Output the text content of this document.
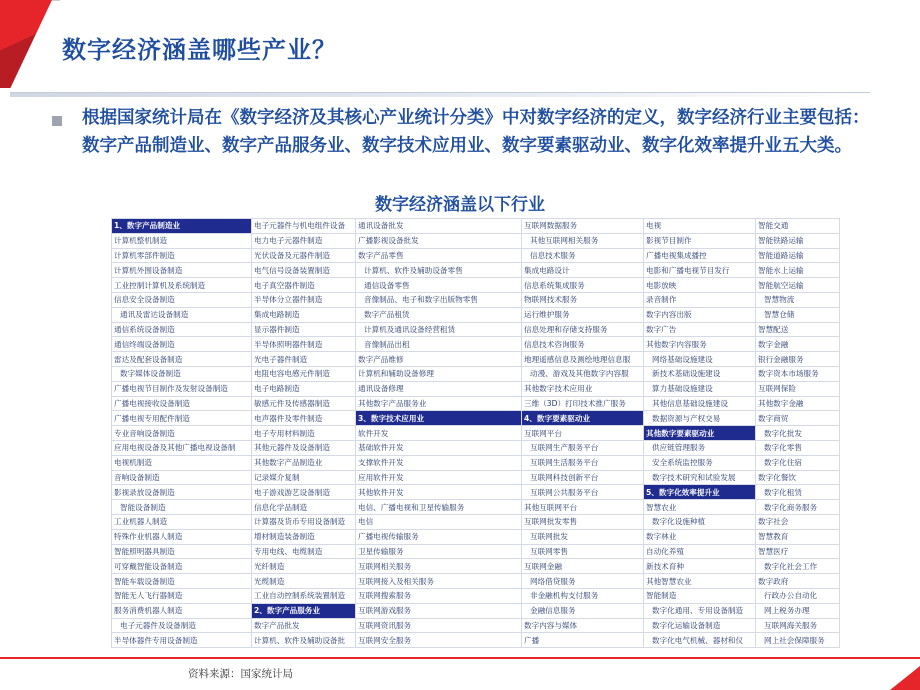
数字经济涵盖哪些产业？

根据国家统计局在《数字经济及其核心产业统计分类》中对数字经济的定义，数字经济行业主要包括：数字产品制造业、数字产品服务业、数字技术应用业、数字要素驱动业、数字化效率提升业五大类。

数字经济涵盖以下行业

1、数字产品制造业	电子元器件与机电组件设备	通讯设备批发	互联网数据服务	电视	智能交通
计算机整机制造	电力电子元器件制造	广播影视设备批发	其他互联网相关服务	影视节目制作	智能铁路运输
计算机零部件制造	光伏设备及元器件制造	数字产品零售	信息技术服务	广播电视集成播控	智能道路运输
计算机外围设备制造	电气信号设备装置制造	计算机、软件及辅助设备零售	集成电路设计	电影和广播电视节目发行	智能水上运输
工业控制计算机及系统制造	电子真空器件制造	通信设备零售	信息系统集成服务	电影放映	智能航空运输
信息安全设备制造	半导体分立器件制造	音像制品、电子和数字出版物零售	物联网技术服务	录音制作	智慧物流
通讯及雷达设备制造	集成电路制造	数字产品租赁	运行维护服务	数字内容出版	智慧仓储
通信系统设备制造	显示器件制造	计算机及通讯设备经营租赁	信息处理和存储支持服务	数字广告	智慧配送
通信终端设备制造	半导体照明器件制造	音像制品出租	信息技术咨询服务	其他数字内容服务	数字金融
雷达及配套设备制造	光电子器件制造	数字产品维修	地理遥感信息及测绘地理信息服	网络基础设施建设	银行金融服务
数字媒体设备制造	电阻电容电感元件制造	计算机和辅助设备修理	动漫、游戏及其他数字内容服	新技术基础设施建设	数字资本市场服务
广播电视节目制作及发射设备制造	电子电路制造	通讯设备修理	其他数字技术应用业	算力基础设施建设	互联网保险
广播电视接收设备制造	敏感元件及传感器制造	其他数字产品服务业	三维（3D）打印技术推广服务	其他信息基础设施建设	其他数字金融
广播电视专用配件制造	电声器件及零件制造	3、数字技术应用业	4、数字要素驱动业	数据资源与产权交易	数字商贸
专业音响设备制造	电子专用材料制造	软件开发	互联网平台	其他数字要素驱动业	数字化批发
应用电视设备及其他广播电视设备制	其他元器件及设备制造	基础软件开发	互联网生产服务平台	供应链管理服务	数字化零售
电视机制造	其他数字产品制造业	支撑软件开发	互联网生活服务平台	安全系统监控服务	数字化住宿
音响设备制造	记录媒介复制	应用软件开发	互联网科技创新平台	数字技术研究和试验发展	数字化餐饮
影视录放设备制造	电子游戏游艺设备制造	其他软件开发	互联网公共服务平台	5、数字化效率提升业	数字化租赁
智能设备制造	信息化学品制造	电信、广播电视和卫星传输服务	其他互联网平台	智慧农业	数字化商务服务
工业机器人制造	计算器及货币专用设备制造	电信	互联网批发零售	数字化设施种植	数字社会
特殊作业机器人制造	增材制造装备制造	广播电视传输服务	互联网批发	数字林业	智慧教育
智能照明器具制造	专用电线、电缆制造	卫星传输服务	互联网零售	自动化养殖	智慧医疗
可穿戴智能设备制造	光纤制造	互联网相关服务	互联网金融	新技术育种	数字化社会工作
智能车载设备制造	光缆制造	互联网接入及相关服务	网络借贷服务	其他智慧农业	数字政府
智能无人飞行器制造	工业自动控制系统装置制造	互联网搜索服务	非金融机构支付服务	智能制造	行政办公自动化
服务消费机器人制造	2、数字产品服务业	互联网游戏服务	金融信息服务	数字化通用、专用设备制造	网上税务办理
电子元器件及设备制造	数字产品批发	互联网资讯服务	数字内容与媒体	数字化运输设备制造	互联网海关服务
半导体器件专用设备制造	计算机、软件及辅助设备批	互联网安全服务	广播	数字化电气机械、器材和仪	网上社会保障服务

资料来源：国家统计局
